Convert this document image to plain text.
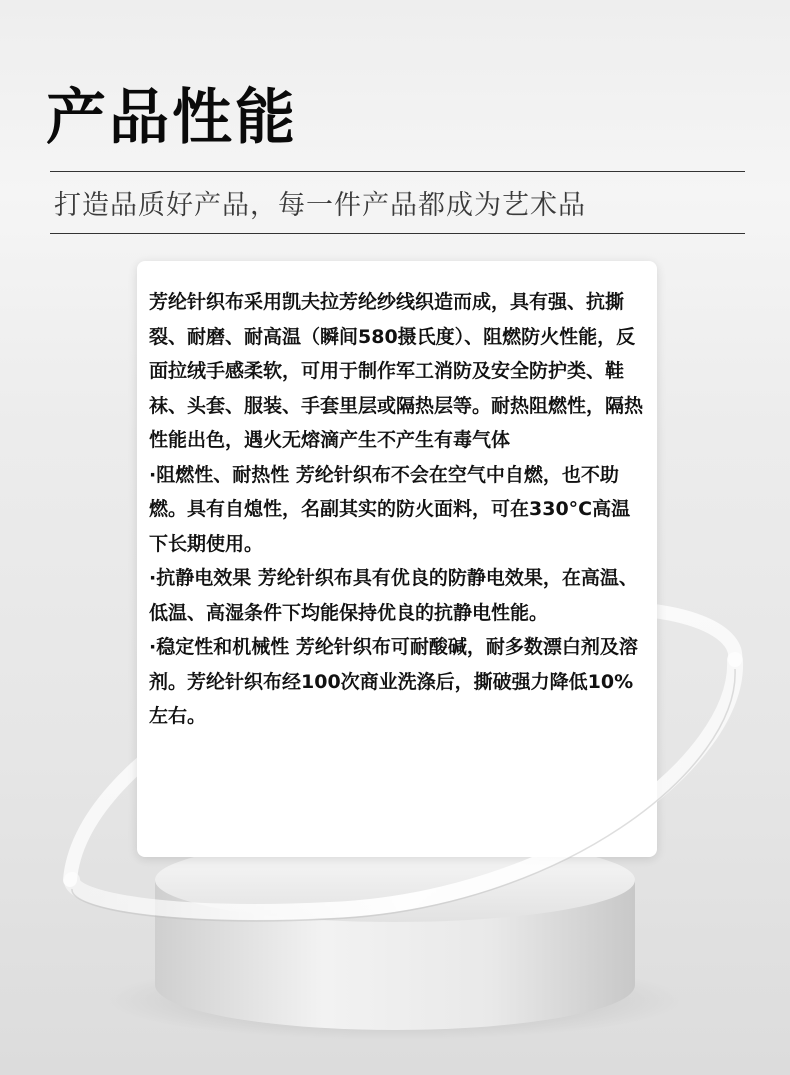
产品性能
打造品质好产品，每一件产品都成为艺术品

芳纶针织布采用凯夫拉芳纶纱线织造而成，具有强、抗撕裂、耐磨、耐高温（瞬间580摄氏度）、阻燃防火性能，反面拉绒手感柔软，可用于制作军工消防及安全防护类、鞋袜、头套、服装、手套里层或隔热层等。耐热阻燃性，隔热性能出色，遇火无熔滴产生不产生有毒气体

·阻燃性、耐热性 芳纶针织布不会在空气中自燃，也不助燃。具有自熄性，名副其实的防火面料，可在330°C高温下长期使用。

·抗静电效果 芳纶针织布具有优良的防静电效果，在高温、低温、高湿条件下均能保持优良的抗静电性能。

·稳定性和机械性 芳纶针织布可耐酸碱，耐多数漂白剂及溶剂。芳纶针织布经100次商业洗涤后，撕破强力降低10%左右。
